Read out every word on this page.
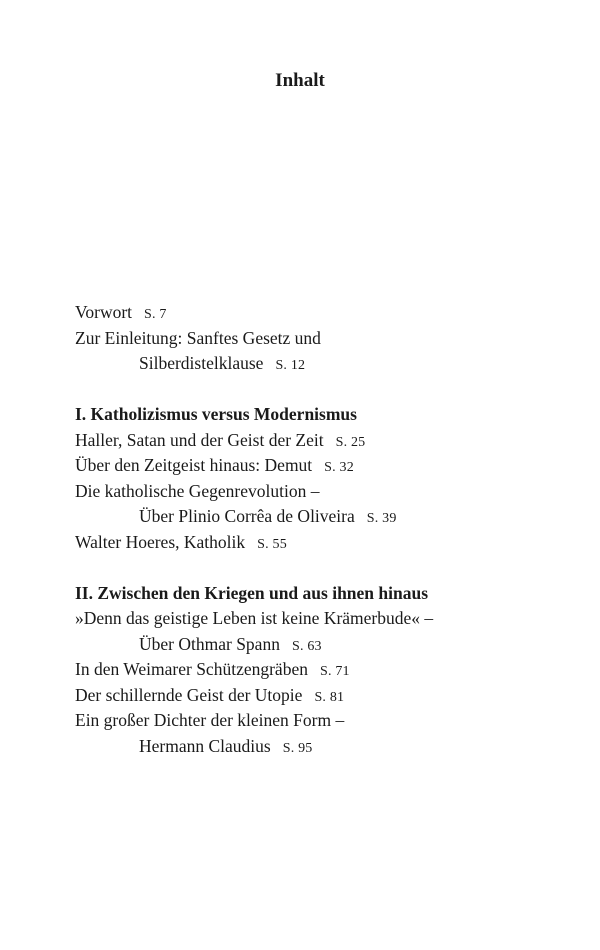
Inhalt
Vorwort S. 7
Zur Einleitung: Sanftes Gesetz und
Silberdistelklause S. 12
I. Katholizismus versus Modernismus
Haller, Satan und der Geist der Zeit S. 25
Über den Zeitgeist hinaus: Demut S. 32
Die katholische Gegenrevolution –
Über Plinio Corrêa de Oliveira S. 39
Walter Hoeres, Katholik S. 55
II. Zwischen den Kriegen und aus ihnen hinaus
»Denn das geistige Leben ist keine Krämerbude« –
Über Othmar Spann S. 63
In den Weimarer Schützengräben S. 71
Der schillernde Geist der Utopie S. 81
Ein großer Dichter der kleinen Form –
Hermann Claudius S. 95
